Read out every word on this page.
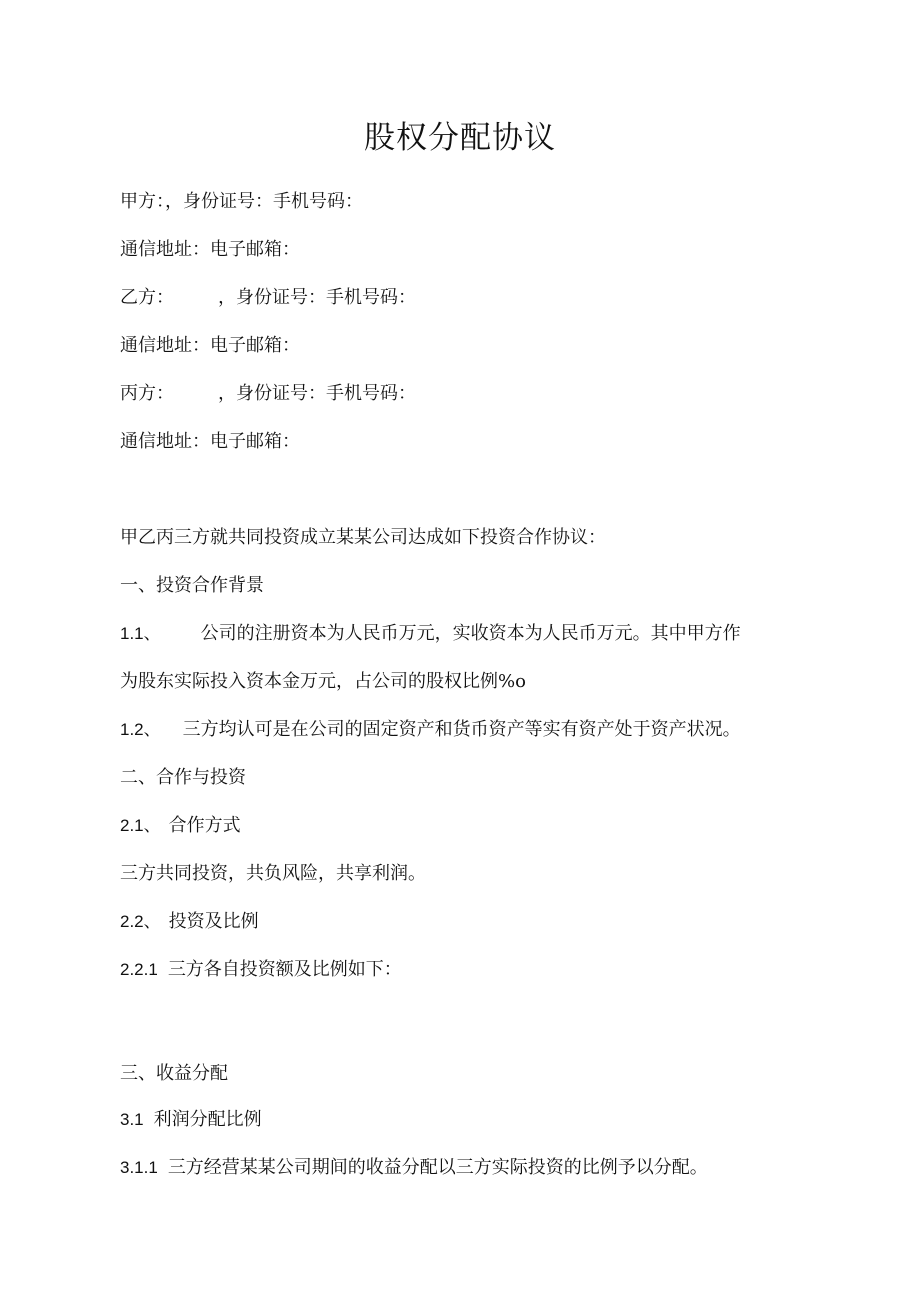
股权分配协议
甲方：，身份证号：手机号码：
通信地址：电子邮箱：
乙方： ，身份证号：手机号码：
通信地址：电子邮箱：
丙方： ，身份证号：手机号码：
通信地址：电子邮箱：
甲乙丙三方就共同投资成立某某公司达成如下投资合作协议：
一、投资合作背景
1.1、 公司的注册资本为人民币万元，实收资本为人民币万元。其中甲方作
为股东实际投入资本金万元，占公司的股权比例%o
1.2、 三方均认可是在公司的固定资产和货币资产等实有资产处于资产状况。
二、合作与投资
2.1、 合作方式
三方共同投资，共负风险，共享利润。
2.2、 投资及比例
2.2.1 三方各自投资额及比例如下：
三、收益分配
3.1 利润分配比例
3.1.1 三方经营某某公司期间的收益分配以三方实际投资的比例予以分配。
